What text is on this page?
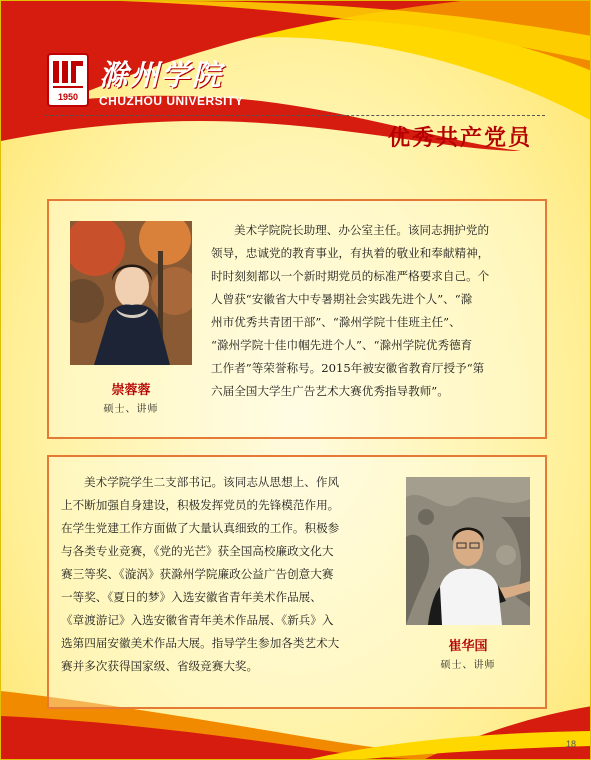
1950
滁州学院
CHUZHOU UNIVERSITY
优秀共产党员
崇蓉蓉
硕士、讲师
美术学院院长助理、办公室主任。该同志拥护党的
领导，忠诚党的教育事业，有执着的敬业和奉献精神，
时时刻刻都以一个新时期党员的标准严格要求自己。个
人曾获“安徽省大中专暑期社会实践先进个人”、“滁
州市优秀共青团干部”、“滁州学院十佳班主任”、
“滁州学院十佳巾帼先进个人”、“滁州学院优秀德育
工作者”等荣誉称号。2015年被安徽省教育厅授予“第
六届全国大学生广告艺术大赛优秀指导教师”。
美术学院学生二支部书记。该同志从思想上、作风
上不断加强自身建设，积极发挥党员的先锋模范作用。
在学生党建工作方面做了大量认真细致的工作。积极参
与各类专业竞赛，《党的光芒》获全国高校廉政文化大
赛三等奖、《漩涡》获滁州学院廉政公益广告创意大赛
一等奖、《夏日的梦》入选安徽省青年美术作品展、
《章渡游记》入选安徽省青年美术作品展、《新兵》入
选第四届安徽美术作品大展。指导学生参加各类艺术大
赛并多次获得国家级、省级竞赛大奖。
崔华国
硕士、讲师
18
